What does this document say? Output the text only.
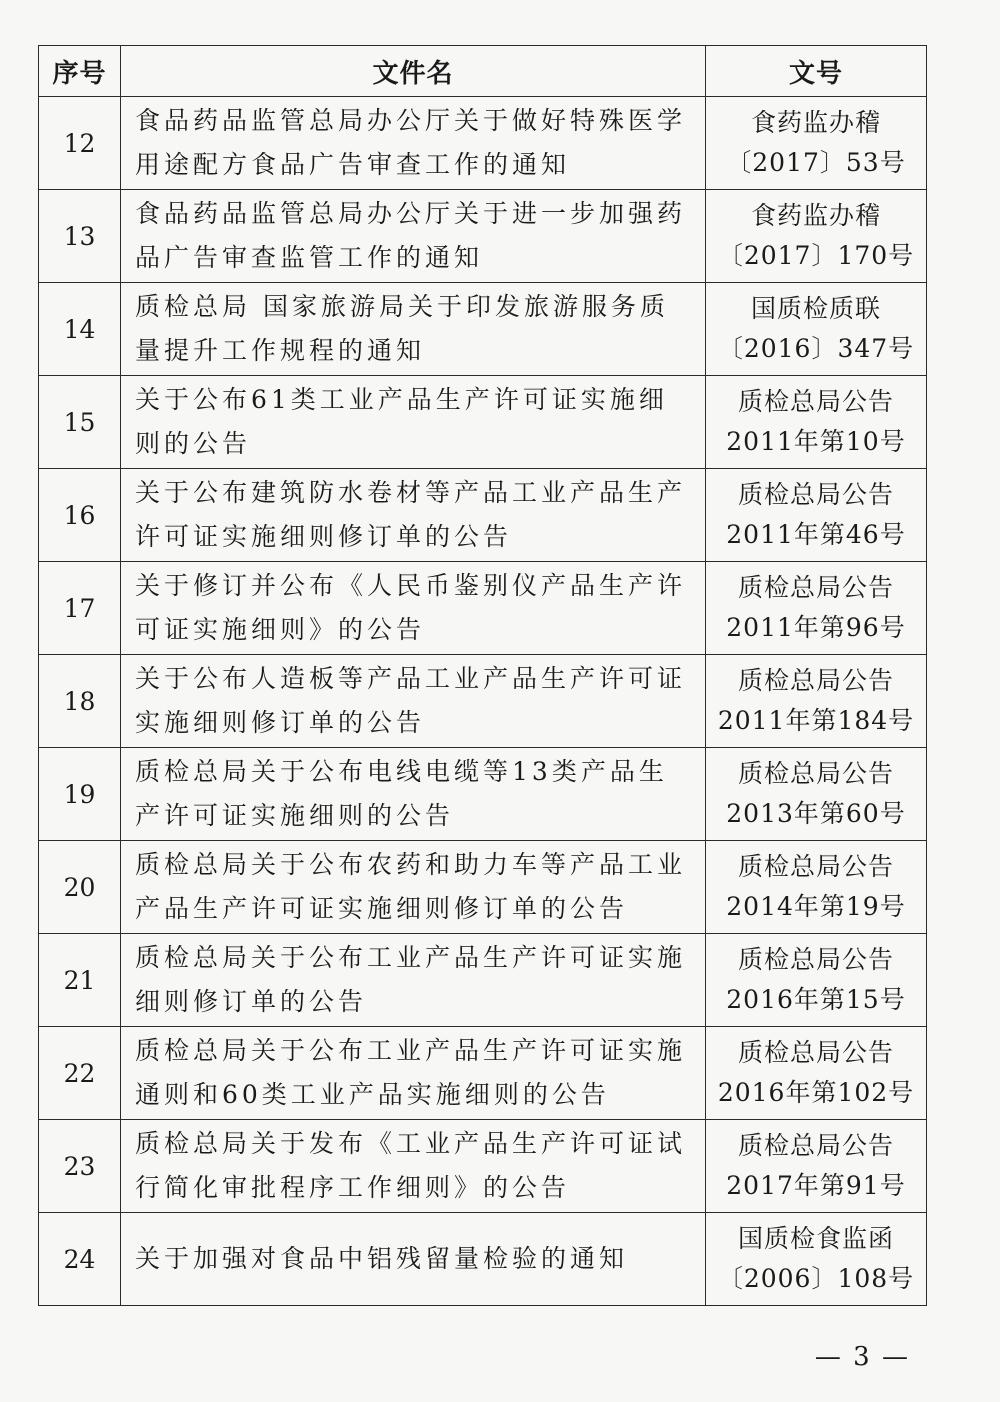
序号	文件名	文号
12	食品药品监管总局办公厅关于做好特殊医学用途配方食品广告审查工作的通知	食药监办稽
〔2017〕53号

13	食品药品监管总局办公厅关于进一步加强药品广告审查监管工作的通知	食药监办稽
〔2017〕170号

14	质检总局 国家旅游局关于印发旅游服务质量提升工作规程的通知	国质检质联
〔2016〕347号

15	关于公布61类工业产品生产许可证实施细则的公告	质检总局公告
2011年第10号

16	关于公布建筑防水卷材等产品工业产品生产许可证实施细则修订单的公告	质检总局公告
2011年第46号

17	关于修订并公布《人民币鉴别仪产品生产许可证实施细则》的公告	质检总局公告
2011年第96号

18	关于公布人造板等产品工业产品生产许可证实施细则修订单的公告	质检总局公告
2011年第184号

19	质检总局关于公布电线电缆等13类产品生产许可证实施细则的公告	质检总局公告
2013年第60号

20	质检总局关于公布农药和助力车等产品工业产品生产许可证实施细则修订单的公告	质检总局公告
2014年第19号

21	质检总局关于公布工业产品生产许可证实施细则修订单的公告	质检总局公告
2016年第15号

22	质检总局关于公布工业产品生产许可证实施通则和60类工业产品实施细则的公告	质检总局公告
2016年第102号

23	质检总局关于发布《工业产品生产许可证试行简化审批程序工作细则》的公告	质检总局公告
2017年第91号

24	关于加强对食品中铝残留量检验的通知	国质检食监函
〔2006〕108号
— 3 —
